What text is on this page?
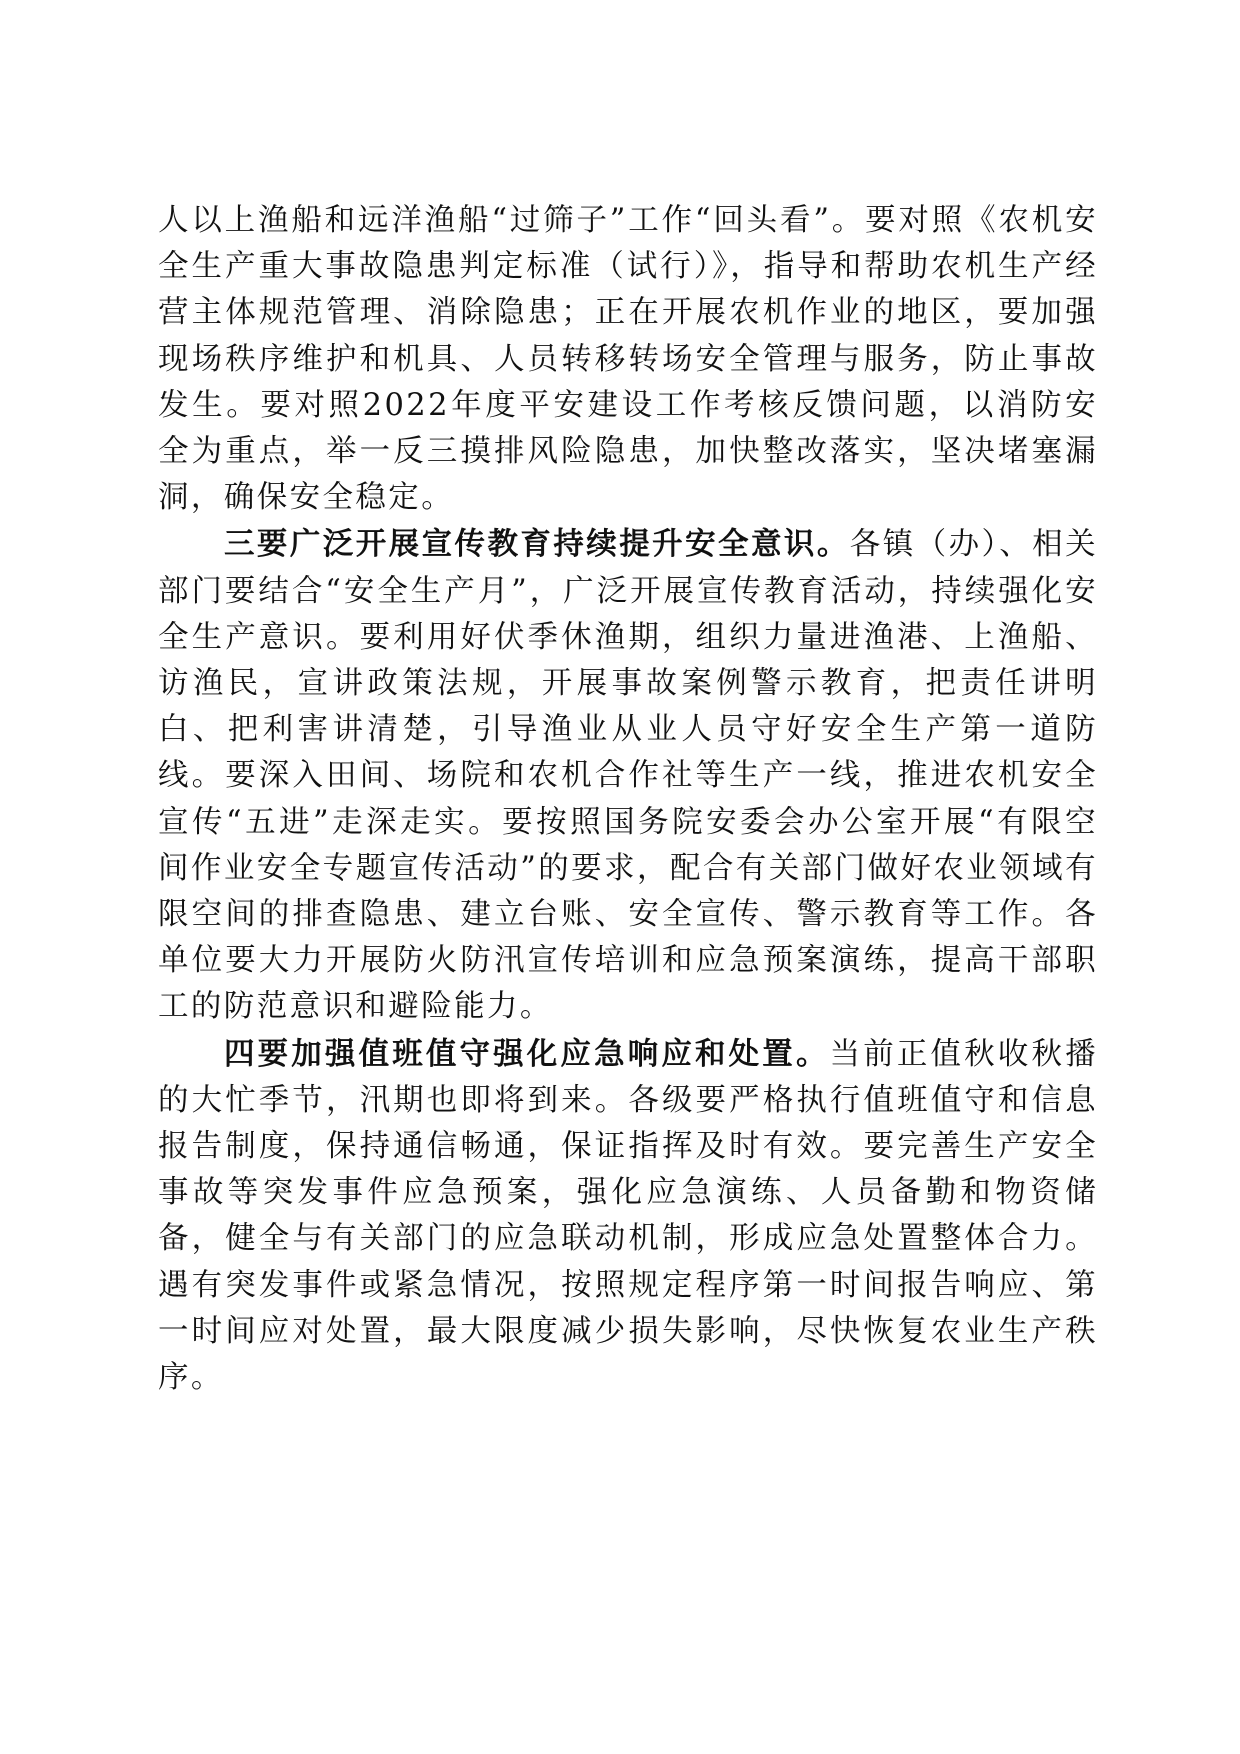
人以上渔船和远洋渔船“过筛子”工作“回头看”。要对照《农机安全生产重大事故隐患判定标准（试行）》，指导和帮助农机生产经营主体规范管理、消除隐患；正在开展农机作业的地区，要加强现场秩序维护和机具、人员转移转场安全管理与服务，防止事故发生。要对照2022年度平安建设工作考核反馈问题，以消防安全为重点，举一反三摸排风险隐患，加快整改落实，坚决堵塞漏洞，确保安全稳定。

三要广泛开展宣传教育持续提升安全意识。各镇（办）、相关部门要结合“安全生产月”，广泛开展宣传教育活动，持续强化安全生产意识。要利用好伏季休渔期，组织力量进渔港、上渔船、访渔民，宣讲政策法规，开展事故案例警示教育，把责任讲明白、把利害讲清楚，引导渔业从业人员守好安全生产第一道防线。要深入田间、场院和农机合作社等生产一线，推进农机安全宣传“五进”走深走实。要按照国务院安委会办公室开展“有限空间作业安全专题宣传活动”的要求，配合有关部门做好农业领域有限空间的排查隐患、建立台账、安全宣传、警示教育等工作。各单位要大力开展防火防汛宣传培训和应急预案演练，提高干部职工的防范意识和避险能力。

四要加强值班值守强化应急响应和处置。当前正值秋收秋播的大忙季节，汛期也即将到来。各级要严格执行值班值守和信息报告制度，保持通信畅通，保证指挥及时有效。要完善生产安全事故等突发事件应急预案，强化应急演练、人员备勤和物资储备，健全与有关部门的应急联动机制，形成应急处置整体合力。遇有突发事件或紧急情况，按照规定程序第一时间报告响应、第一时间应对处置，最大限度减少损失影响，尽快恢复农业生产秩序。
